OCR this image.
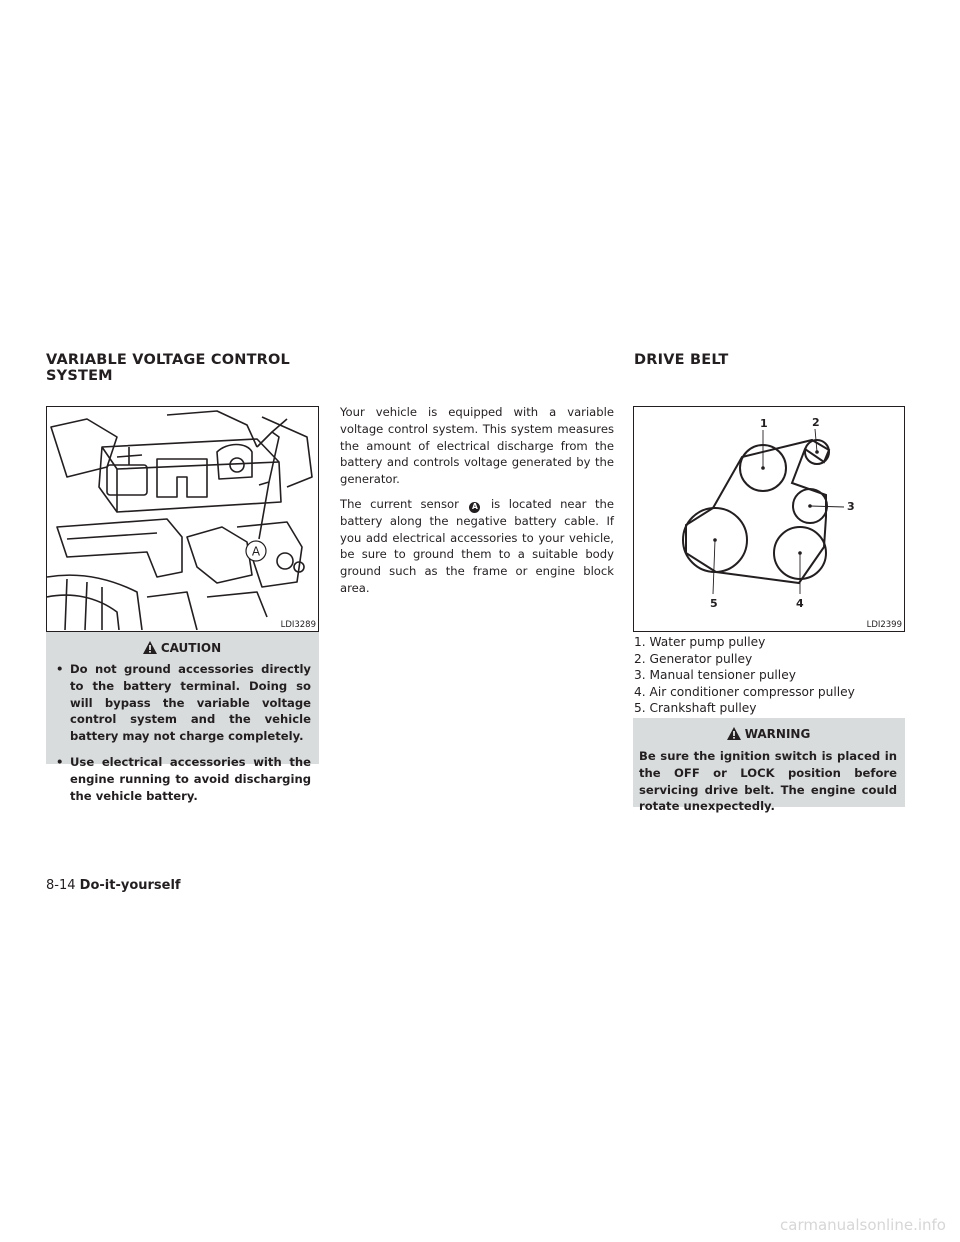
VARIABLE VOLTAGE CONTROL
SYSTEM
DRIVE BELT
A
LDI3289
CAUTION
• Do not ground accessories directly to the battery terminal. Doing so will bypass the variable voltage control system and the vehicle battery may not charge completely.
• Use electrical accessories with the engine running to avoid discharging the vehicle battery.

Your vehicle is equipped with a variable voltage control system. This system measures the amount of electrical discharge from the battery and controls voltage generated by the generator.

The current sensor A is located near the battery along the negative battery cable. If you add electrical accessories to your vehicle, be sure to ground them to a suitable body ground such as the frame or engine block area.

1	2
3
4
5
LDI2399
1. Water pump pulley
2. Generator pulley
3. Manual tensioner pulley
4. Air conditioner compressor pulley
5. Crankshaft pulley
WARNING
Be sure the ignition switch is placed in the OFF or LOCK position before servicing drive belt. The engine could rotate unexpectedly.
8-14 Do-it-yourself
carmanualsonline.info
